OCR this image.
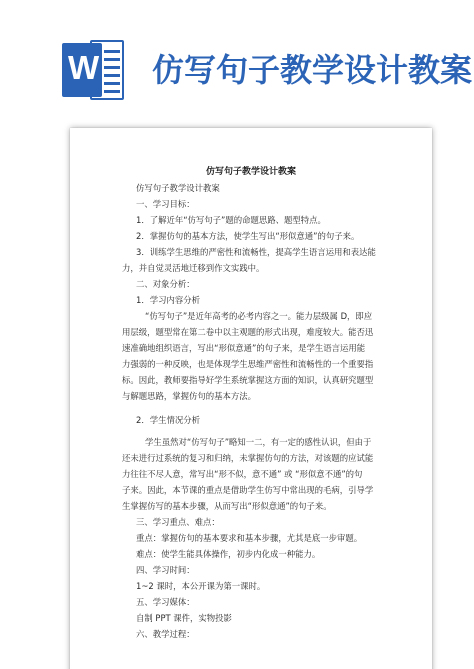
W 仿写句子教学设计教案
仿写句子教学设计教案
仿写句子教学设计教案
一、学习目标：
1．了解近年“仿写句子”题的命题思路、题型特点。
2．掌握仿句的基本方法，使学生写出“形似意通”的句子来。
3．训练学生思维的严密性和流畅性，提高学生语言运用和表达能
力，并自觉灵活地迁移到作文实践中。
二、对象分析：
1．学习内容分析
“仿写句子”是近年高考的必考内容之一。能力层级属 D，即应
用层级，题型常在第二卷中以主观题的形式出现，难度较大。能否迅
速准确地组织语言，写出“形似意通”的句子来，是学生语言运用能
力强弱的一种反映，也是体现学生思维严密性和流畅性的一个重要指
标。因此，教师要指导好学生系统掌握这方面的知识，认真研究题型
与解题思路，掌握仿句的基本方法。
2．学生情况分析
学生虽然对“仿写句子”略知一二，有一定的感性认识，但由于
还未进行过系统的复习和归纳，未掌握仿句的方法，对该题的应试能
力往往不尽人意，常写出“形不似，意不通” 或 “形似意不通”的句
子来。因此，本节课的重点是借助学生仿写中常出现的毛病，引导学
生掌握仿写的基本步骤，从而写出“形似意通”的句子来。
三、学习重点、难点：
重点：掌握仿句的基本要求和基本步骤，尤其是底一步审题。
难点：使学生能具体操作，初步内化成一种能力。
四、学习时间：
1~2 课时，本公开课为第一课时。
五、学习媒体：
自制 PPT 课件，实物投影
六、教学过程：
